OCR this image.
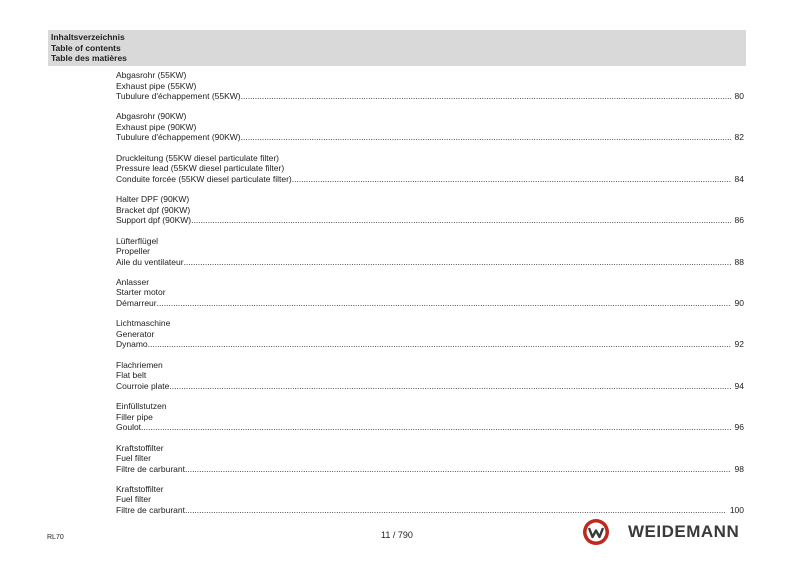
Inhaltsverzeichnis
Table of contents
Table des matières
Abgasrohr (55KW)
Exhaust pipe (55KW)
Tubulure d'échappement (55KW) .....	80
Abgasrohr (90KW)
Exhaust pipe (90KW)
Tubulure d'échappement (90KW) .....	82
Druckleitung (55KW diesel particulate filter)
Pressure lead (55KW diesel particulate filter)
Conduite forcée (55KW diesel particulate filter) .....	84
Halter DPF (90KW)
Bracket dpf (90KW)
Support dpf (90KW) .....	86
Lüfterflügel
Propeller
Aile du ventilateur .....	88
Anlasser
Starter motor
Démarreur .....	90
Lichtmaschine
Generator
Dynamo .....	92
Flachriemen
Flat belt
Courroie plate .....	94
Einfüllstutzen
Filler pipe
Goulot .....	96
Kraftstoffilter
Fuel filter
Filtre de carburant .....	98
Kraftstoffilter
Fuel filter
Filtre de carburant .....	100
RL70	11 / 790	WEIDEMANN
